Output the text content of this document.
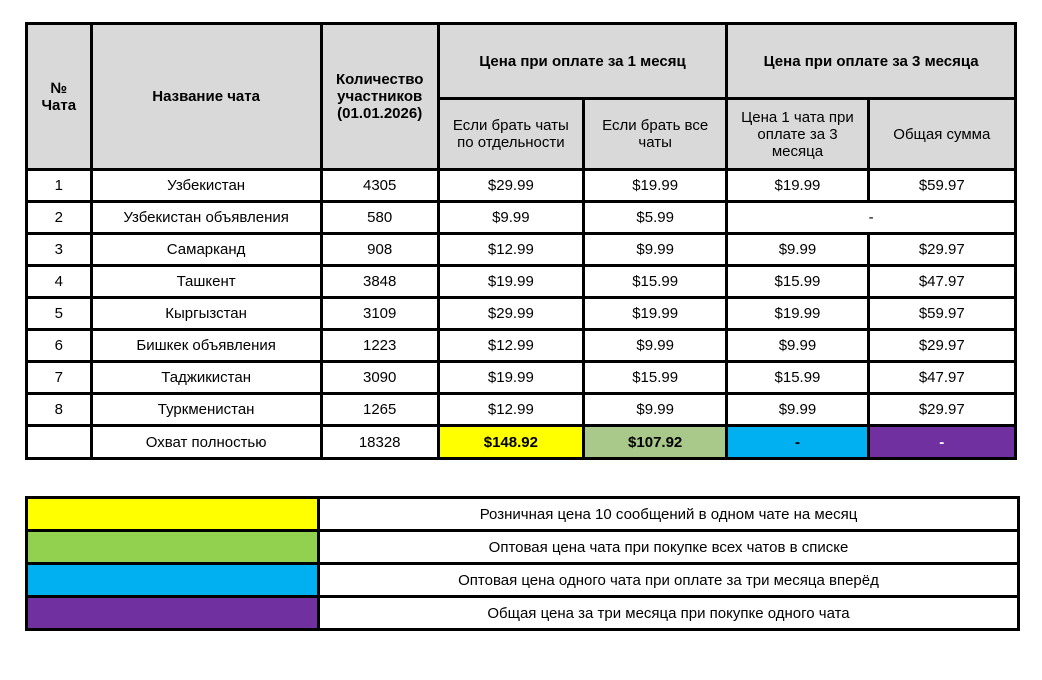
№ Чата	Название чата	Количество участников (01.01.2026)	Цена при оплате за 1 месяц		Цена при оплате за 3 месяца	
			Если брать чаты по отдельности	Если брать все чаты	Цена 1 чата при оплате за 3 месяца	Общая сумма
1	Узбекистан	4305	$29.99	$19.99	$19.99	$59.97
2	Узбекистан объявления	580	$9.99	$5.99	-	
3	Самарканд	908	$12.99	$9.99	$9.99	$29.97
4	Ташкент	3848	$19.99	$15.99	$15.99	$47.97
5	Кыргызстан	3109	$29.99	$19.99	$19.99	$59.97
6	Бишкек объявления	1223	$12.99	$9.99	$9.99	$29.97
7	Таджикистан	3090	$19.99	$15.99	$15.99	$47.97
8	Туркменистан	1265	$12.99	$9.99	$9.99	$29.97
	Охват полностью	18328	$148.92	$107.92	-	-
	Розничная цена 10 сообщений в одном чате на месяц
	Оптовая цена чата при покупке всех чатов в списке
	Оптовая цена одного чата при оплате за три месяца вперёд
	Общая цена за три месяца при покупке одного чата
